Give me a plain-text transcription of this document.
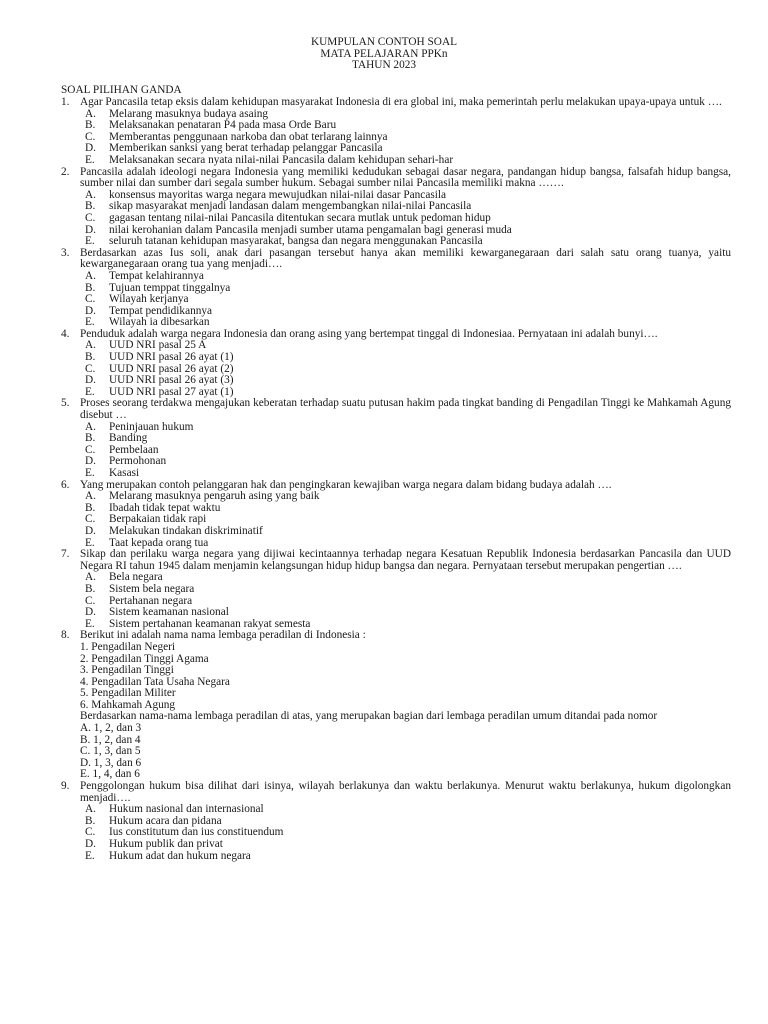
KUMPULAN CONTOH SOAL
MATA PELAJARAN PPKn
TAHUN 2023
SOAL PILIHAN GANDA
1. Agar Pancasila tetap eksis dalam kehidupan masyarakat Indonesia di era global ini, maka pemerintah perlu melakukan upaya-upaya untuk ….
A.	Melarang masuknya budaya asaing
B.	Melaksanakan penataran P4 pada masa Orde Baru
C.	Memberantas penggunaan narkoba dan obat terlarang lainnya
D.	Memberikan sanksi yang berat terhadap pelanggar Pancasila
E.	Melaksanakan secara nyata nilai-nilai Pancasila dalam kehidupan sehari-har
2. Pancasila adalah ideologi negara Indonesia yang memiliki kedudukan sebagai dasar negara, pandangan hidup bangsa, falsafah hidup bangsa, sumber nilai dan sumber dari segala sumber hukum. Sebagai sumber nilai Pancasila memiliki makna …….
A.	konsensus mayoritas warga negara mewujudkan nilai-nilai dasar Pancasila
B.	sikap masyarakat menjadi landasan dalam mengembangkan nilai-nilai Pancasila
C.	gagasan tentang nilai-nilai Pancasila ditentukan secara mutlak untuk pedoman hidup
D.	nilai kerohanian dalam Pancasila menjadi sumber utama pengamalan bagi generasi muda
E.	seluruh tatanan kehidupan masyarakat, bangsa dan negara menggunakan Pancasila
3. Berdasarkan azas Ius soli, anak dari pasangan tersebut hanya akan memiliki kewarganegaraan dari salah satu orang tuanya, yaitu kewarganegaraan orang tua yang menjadi….
A.	Tempat kelahirannya
B.	Tujuan temppat tinggalnya
C.	Wilayah kerjanya
D.	Tempat pendidikannya
E.	Wilayah ia dibesarkan
4. Penduduk adalah warga negara Indonesia dan orang asing yang bertempat tinggal di Indonesiaa. Pernyataan ini adalah bunyi….
A.	UUD NRI pasal 25 A
B.	UUD NRI pasal 26 ayat (1)
C.	UUD NRI pasal 26 ayat (2)
D.	UUD NRI pasal 26 ayat (3)
E.	UUD NRI pasal 27 ayat (1)
5. Proses seorang terdakwa mengajukan keberatan terhadap suatu putusan hakim pada tingkat banding di Pengadilan Tinggi ke Mahkamah Agung disebut …
A.	Peninjauan hukum
B.	Banding
C.	Pembelaan
D.	Permohonan
E.	Kasasi
6. Yang merupakan contoh pelanggaran hak dan pengingkaran kewajiban warga negara dalam bidang budaya adalah ….
A.	Melarang masuknya pengaruh asing yang baik
B.	Ibadah tidak tepat waktu
C.	Berpakaian tidak rapi
D.	Melakukan tindakan diskriminatif
E.	Taat kepada orang tua
7. Sikap dan perilaku warga negara yang dijiwai kecintaannya terhadap negara Kesatuan Republik Indonesia berdasarkan Pancasila dan UUD Negara RI tahun 1945 dalam menjamin kelangsungan hidup hidup bangsa dan negara. Pernyataan tersebut merupakan pengertian ….
A.	Bela negara
B.	Sistem bela negara
C.	Pertahanan negara
D.	Sistem keamanan nasional
E.	Sistem pertahanan keamanan rakyat semesta
8. Berikut ini adalah nama nama lembaga peradilan di Indonesia :
1. Pengadilan Negeri
2. Pengadilan Tinggi Agama
3. Pengadilan Tinggi
4. Pengadilan Tata Usaha Negara
5. Pengadilan Militer
6. Mahkamah Agung
Berdasarkan nama-nama lembaga peradilan di atas, yang merupakan bagian dari lembaga peradilan umum ditandai pada nomor
A. 1, 2, dan 3
B. 1, 2, dan 4
C. 1, 3, dan 5
D. 1, 3, dan 6
E. 1, 4, dan 6
9. Penggolongan hukum bisa dilihat dari isinya, wilayah berlakunya dan waktu berlakunya. Menurut waktu berlakunya, hukum digolongkan menjadi….
A.	Hukum nasional dan internasional
B.	Hukum acara dan pidana
C.	Ius constitutum dan ius constituendum
D.	Hukum publik dan privat
E.	Hukum adat dan hukum negara
